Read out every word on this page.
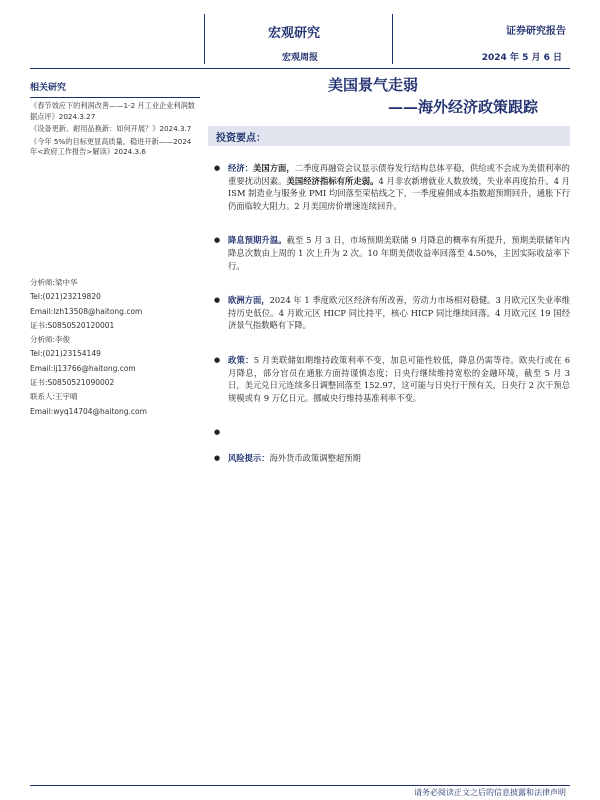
宏观研究
宏观周报
证券研究报告
2024 年 5 月 6 日
相关研究
《春节效应下的利润改善——1-2 月工业企业利润数据点评》2024.3.27
《设备更新、耐用品换新：如何开展？》2024.3.7
《今年 5%的目标更显高质量，稳进开新——2024 年<政府工作报告>解读》2024.3.6
分析师:梁中华
Tel:(021)23219820
Email:lzh13508@haitong.com
证书:S0850520120001
分析师:李俊
Tel:(021)23154149
Email:lj13766@haitong.com
证书:S0850521090002
联系人:王宇晴
Email:wyq14704@haitong.com
美国景气走弱
——海外经济政策跟踪
投资要点：
● 经济：美国方面，二季度再融资会议显示债券发行结构总体平稳，供给或不会成为美债利率的重要扰动因素。美国经济指标有所走弱。4 月非农新增就业人数放缓，失业率再度抬升。4 月 ISM 制造业与服务业 PMI 均回落至荣枯线之下，一季度雇佣成本指数超预期回升，通胀下行仍面临较大阻力。2 月美国房价增速连续回升。
● 降息预期升温。截至 5 月 3 日，市场预期美联储 9 月降息的概率有所提升，预期美联储年内降息次数由上周的 1 次上升为 2 次。10 年期美债收益率回落至 4.50%，主因实际收益率下行。
● 欧洲方面，2024 年 1 季度欧元区经济有所改善，劳动力市场相对稳健。3 月欧元区失业率维持历史低位。4 月欧元区 HICP 同比持平，核心 HICP 同比继续回落。4 月欧元区 19 国经济景气指数略有下降。
● 政策：5 月美联储如期维持政策利率不变，加息可能性较低，降息仍需等待。欧央行或在 6 月降息，部分官员在通胀方面持谨慎态度；日央行继续维持宽松的金融环境，截至 5 月 3 日，美元兑日元连续多日调整回落至 152.97，这可能与日央行干预有关，日央行 2 次干预总规模或有 9 万亿日元。挪威央行维持基准利率不变。
●
● 风险提示：海外货币政策调整超预期
请务必阅读正文之后的信息披露和法律声明
